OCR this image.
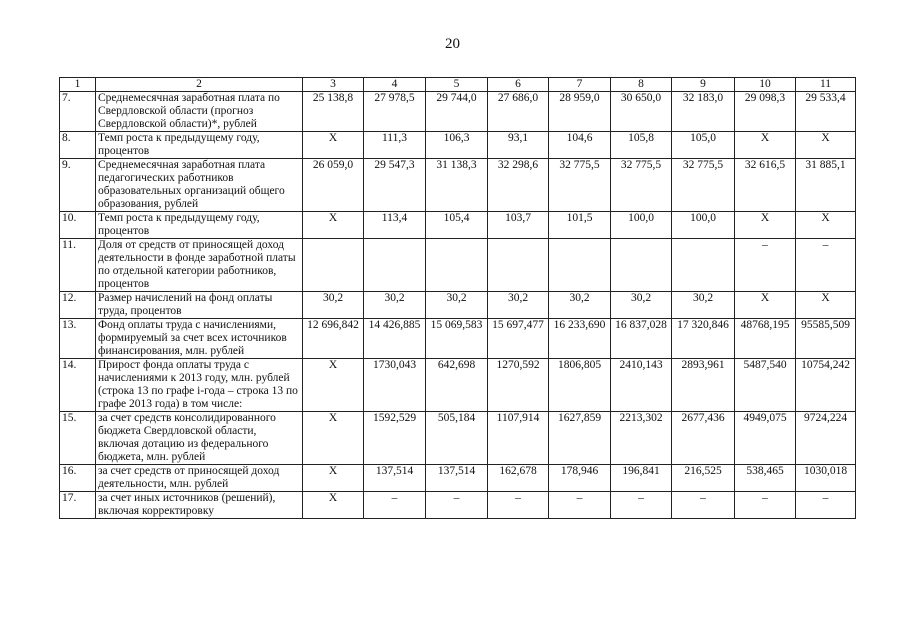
20
1	2	3	4	5	6	7	8	9	10	11
7.	Среднемесячная заработная плата по Свердловской области (прогноз Свердловской области)*, рублей	25 138,8	27 978,5	29 744,0	27 686,0	28 959,0	30 650,0	32 183,0	29 098,3	29 533,4
8.	Темп роста к предыдущему году, процентов	X	111,3	106,3	93,1	104,6	105,8	105,0	X	X
9.	Среднемесячная заработная плата педагогических работников образовательных организаций общего образования, рублей	26 059,0	29 547,3	31 138,3	32 298,6	32 775,5	32 775,5	32 775,5	32 616,5	31 885,1
10.	Темп роста к предыдущему году, процентов	X	113,4	105,4	103,7	101,5	100,0	100,0	X	X
11.	Доля от средств от приносящей доход деятельности в фонде заработной платы по отдельной категории работников, процентов								–	–
12.	Размер начислений на фонд оплаты труда, процентов	30,2	30,2	30,2	30,2	30,2	30,2	30,2	X	X
13.	Фонд оплаты труда с начислениями, формируемый за счет всех источников финансирования, млн. рублей	12 696,842	14 426,885	15 069,583	15 697,477	16 233,690	16 837,028	17 320,846	48768,195	95585,509
14.	Прирост фонда оплаты труда с начислениями к 2013 году, млн. рублей (строка 13 по графе i-года – строка 13 по графе 2013 года) в том числе:	X	1730,043	642,698	1270,592	1806,805	2410,143	2893,961	5487,540	10754,242
15.	за счет средств консолидированного бюджета Свердловской области, включая дотацию из федерального бюджета, млн. рублей	X	1592,529	505,184	1107,914	1627,859	2213,302	2677,436	4949,075	9724,224
16.	за счет средств от приносящей доход деятельности, млн. рублей	X	137,514	137,514	162,678	178,946	196,841	216,525	538,465	1030,018
17.	за счет иных источников (решений), включая корректировку	X	–	–	–	–	–	–	–	–
